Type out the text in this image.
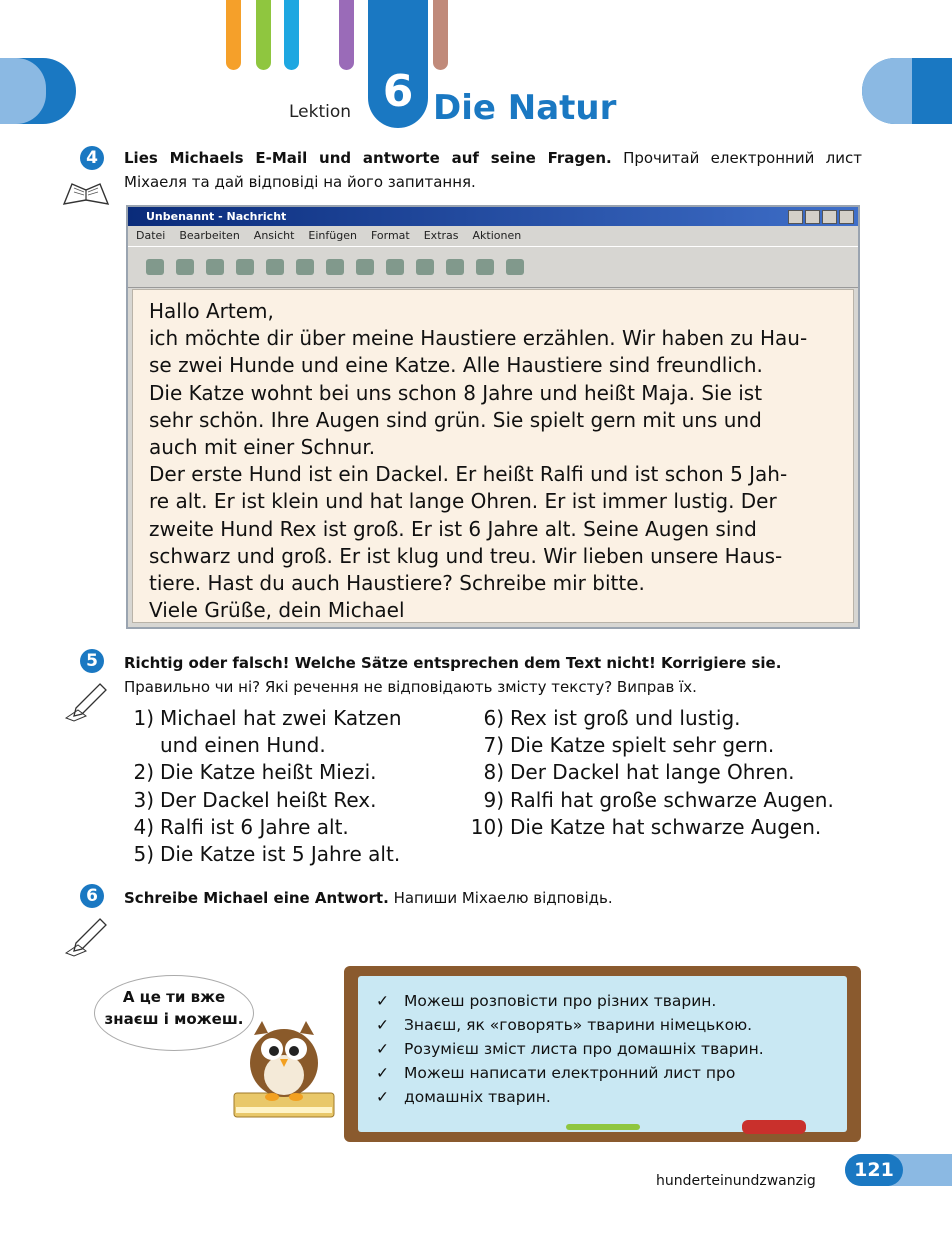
6
Lektion Die Natur
4	Lies Michaels E-Mail und antworte auf seine Fragen. Прочитай електронний лист Міхаеля та дай відповіді на його запитання.
Unbenannt - Nachricht
Datei Bearbeiten Ansicht Einfügen Format Extras Aktionen

Hallo Artem,

ich möchte dir über meine Haustiere erzählen. Wir haben zu Hau-

se zwei Hunde und eine Katze. Alle Haustiere sind freundlich.

Die Katze wohnt bei uns schon 8 Jahre und heißt Maja. Sie ist

sehr schön. Ihre Augen sind grün. Sie spielt gern mit uns und

auch mit einer Schnur.

Der erste Hund ist ein Dackel. Er heißt Ralfi und ist schon 5 Jah-

re alt. Er ist klein und hat lange Ohren. Er ist immer lustig. Der

zweite Hund Rex ist groß. Er ist 6 Jahre alt. Seine Augen sind

schwarz und groß. Er ist klug und treu. Wir lieben unsere Haus-

tiere. Hast du auch Haustiere? Schreibe mir bitte.

Viele Grüße, dein Michael

5	Richtig oder falsch! Welche Sätze entsprechen dem Text nicht! Korrigiere sie.
Правильно чи ні? Які речення не відповідають змісту тексту? Виправ їх.
1) Michael hat zwei Katzen
und einen Hund.
2) Die Katze heißt Miezi.
3) Der Dackel heißt Rex.
4) Ralfi ist 6 Jahre alt.
5) Die Katze ist 5 Jahre alt.
6) Rex ist groß und lustig.
7) Die Katze spielt sehr gern.
8) Der Dackel hat lange Ohren.
9) Ralfi hat große schwarze Augen.
10) Die Katze hat schwarze Augen.
6	Schreibe Michael eine Antwort. Напиши Міхаелю відповідь.
А це ти вже
знаєш і можеш.
✓ Можеш розповісти про різних тварин.
✓ Знаєш, як «говорять» тварини німецькою.
✓ Розумієш зміст листа про домашніх тварин.
✓ Можеш написати електронний лист про
✓ домашніх тварин.
hunderteinundzwanzig	121
